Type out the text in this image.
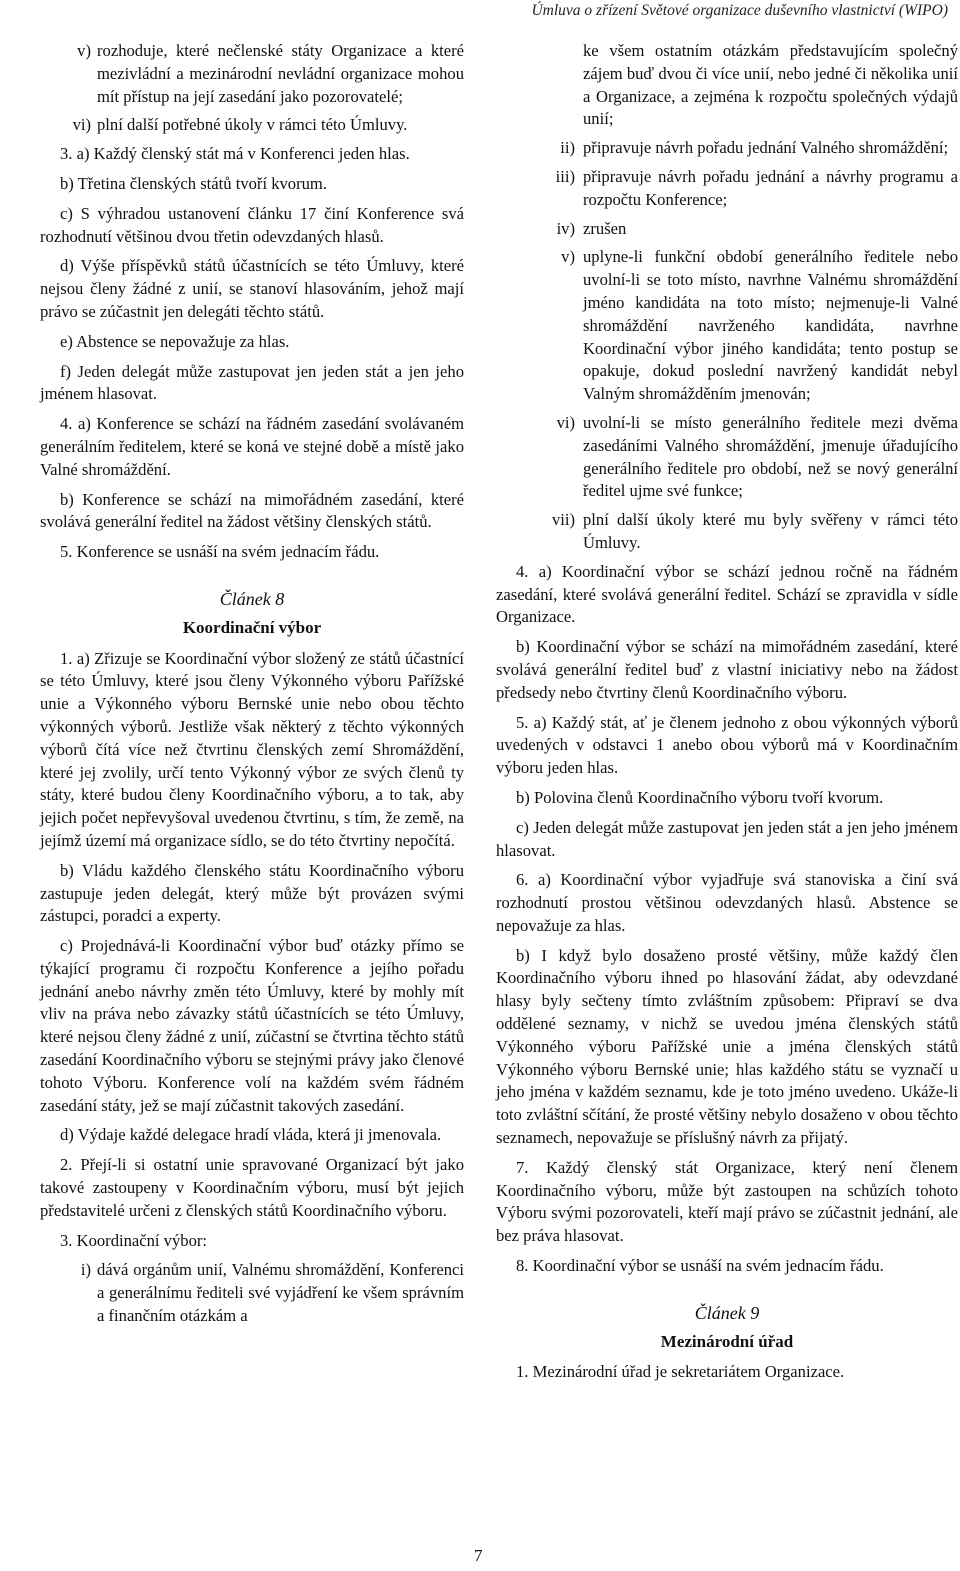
Úmluva o zřízení Světové organizace duševního vlastnictví (WIPO)
v) rozhoduje, které nečlenské státy Organizace a které mezivládní a mezinárodní nevládní organizace mohou mít přístup na její zasedání jako pozorovatelé;
vi) plní další potřebné úkoly v rámci této Úmluvy.
3. a) Každý členský stát má v Konferenci jeden hlas.
b) Třetina členských států tvoří kvorum.
c) S výhradou ustanovení článku 17 činí Konference svá rozhodnutí většinou dvou třetin odevzdaných hlasů.
d) Výše příspěvků států účastnících se této Úmluvy, které nejsou členy žádné z unií, se stanoví hlasováním, jehož mají právo se zúčastnit jen delegáti těchto států.
e) Abstence se nepovažuje za hlas.
f) Jeden delegát může zastupovat jen jeden stát a jen jeho jménem hlasovat.
4. a) Konference se schází na řádném zasedání svolávaném generálním ředitelem, které se koná ve stejné době a místě jako Valné shromáždění.
b) Konference se schází na mimořádném zasedání, které svolává generální ředitel na žádost většiny členských států.
5. Konference se usnáší na svém jednacím řádu.
Článek 8
Koordinační výbor
1. a) Zřizuje se Koordinační výbor složený ze států účastnící se této Úmluvy, které jsou členy Výkonného výboru Pařížské unie a Výkonného výboru Bernské unie nebo obou těchto výkonných výborů. Jestliže však některý z těchto výkonných výborů čítá více než čtvrtinu členských zemí Shromáždění, které jej zvolily, určí tento Výkonný výbor ze svých členů ty státy, které budou členy Koordinačního výboru, a to tak, aby jejich počet nepřevyšoval uvedenou čtvrtinu, s tím, že země, na jejímž území má organizace sídlo, se do této čtvrtiny nepočítá.
b) Vládu každého členského státu Koordinačního výboru zastupuje jeden delegát, který může být provázen svými zástupci, poradci a experty.
c) Projednává-li Koordinační výbor buď otázky přímo se týkající programu či rozpočtu Konference a jejího pořadu jednání anebo návrhy změn této Úmluvy, které by mohly mít vliv na práva nebo závazky států účastnících se této Úmluvy, které nejsou členy žádné z unií, zúčastní se čtvrtina těchto států zasedání Koordinačního výboru se stejnými právy jako členové tohoto Výboru. Konference volí na každém svém řádném zasedání státy, jež se mají zúčastnit takových zasedání.
d) Výdaje každé delegace hradí vláda, která ji jmenovala.
2. Přejí-li si ostatní unie spravované Organizací být jako takové zastoupeny v Koordinačním výboru, musí být jejich představitelé určeni z členských států Koordinačního výboru.
3. Koordinační výbor:
i) dává orgánům unií, Valnému shromáždění, Konferenci a generálnímu řediteli své vyjádření ke všem správním a finančním otázkám a
ke všem ostatním otázkám představujícím společný zájem buď dvou či více unií, nebo jedné či několika unií a Organizace, a zejména k rozpočtu společných výdajů unií;
ii) připravuje návrh pořadu jednání Valného shromáždění;
iii) připravuje návrh pořadu jednání a návrhy programu a rozpočtu Konference;
iv) zrušen
v) uplyne-li funkční období generálního ředitele nebo uvolní-li se toto místo, navrhne Valnému shromáždění jméno kandidáta na toto místo; nejmenuje-li Valné shromáždění navrženého kandidáta, navrhne Koordinační výbor jiného kandidáta; tento postup se opakuje, dokud poslední navržený kandidát nebyl Valným shromážděním jmenován;
vi) uvolní-li se místo generálního ředitele mezi dvěma zasedáními Valného shromáždění, jmenuje úřadujícího generálního ředitele pro období, než se nový generální ředitel ujme své funkce;
vii) plní další úkoly které mu byly svěřeny v rámci této Úmluvy.
4. a) Koordinační výbor se schází jednou ročně na řádném zasedání, které svolává generální ředitel. Schází se zpravidla v sídle Organizace.
b) Koordinační výbor se schází na mimořádném zasedání, které svolává generální ředitel buď z vlastní iniciativy nebo na žádost předsedy nebo čtvrtiny členů Koordinačního výboru.
5. a) Každý stát, ať je členem jednoho z obou výkonných výborů uvedených v odstavci 1 anebo obou výborů má v Koordinačním výboru jeden hlas.
b) Polovina členů Koordinačního výboru tvoří kvorum.
c) Jeden delegát může zastupovat jen jeden stát a jen jeho jménem hlasovat.
6. a) Koordinační výbor vyjadřuje svá stanoviska a činí svá rozhodnutí prostou většinou odevzdaných hlasů. Abstence se nepovažuje za hlas.
b) I když bylo dosaženo prosté většiny, může každý člen Koordinačního výboru ihned po hlasování žádat, aby odevzdané hlasy byly sečteny tímto zvláštním způsobem: Připraví se dva oddělené seznamy, v nichž se uvedou jména členských států Výkonného výboru Pařížské unie a jména členských států Výkonného výboru Bernské unie; hlas každého státu se vyznačí u jeho jména v každém seznamu, kde je toto jméno uvedeno. Ukáže-li toto zvláštní sčítání, že prosté většiny nebylo dosaženo v obou těchto seznamech, nepovažuje se příslušný návrh za přijatý.
7. Každý členský stát Organizace, který není členem Koordinačního výboru, může být zastoupen na schůzích tohoto Výboru svými pozorovateli, kteří mají právo se zúčastnit jednání, ale bez práva hlasovat.
8. Koordinační výbor se usnáší na svém jednacím řádu.
Článek 9
Mezinárodní úřad
1. Mezinárodní úřad je sekretariátem Organizace.
7
